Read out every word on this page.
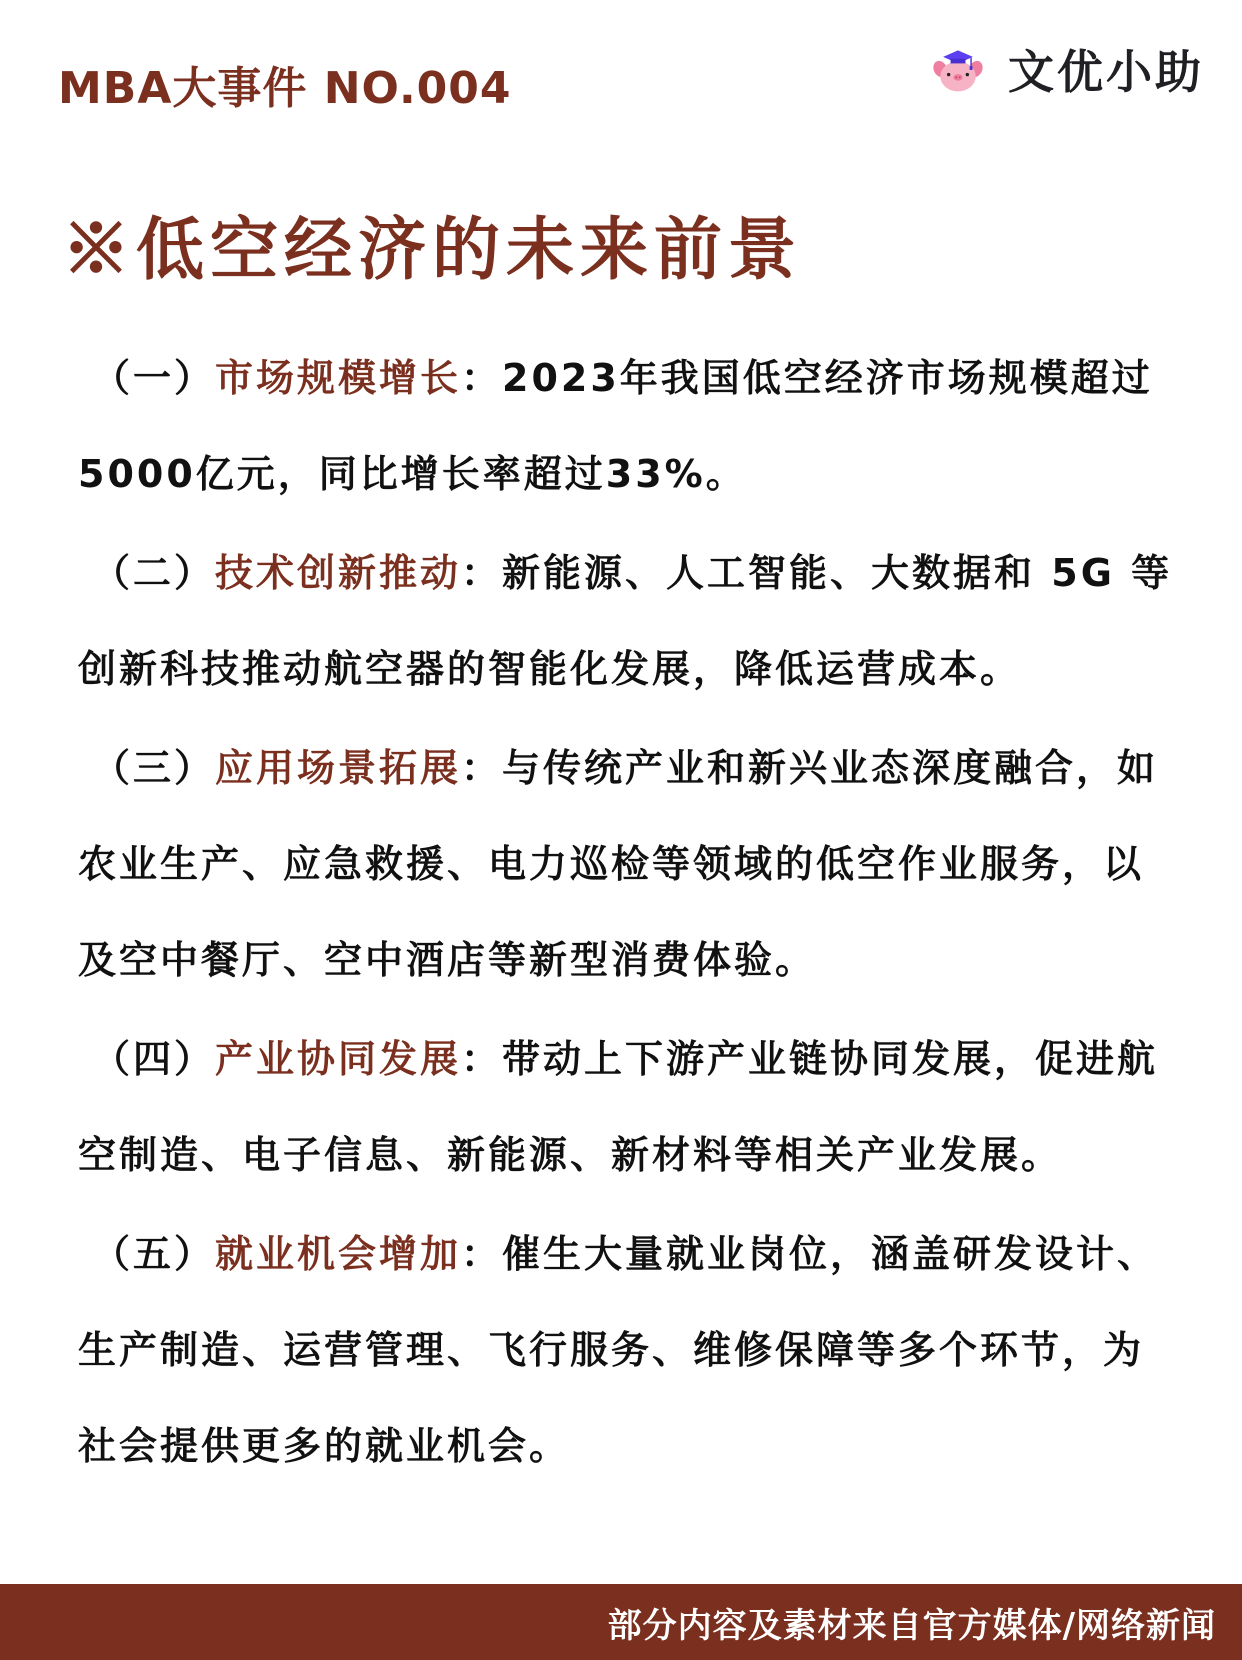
MBA大事件 NO.004	文优小助
※低空经济的未来前景

（一）市场规模增长：2023年我国低空经济市场规模超过5000亿元，同比增长率超过33%。

（二）技术创新推动：新能源、人工智能、大数据和 5G 等创新科技推动航空器的智能化发展，降低运营成本。

（三）应用场景拓展：与传统产业和新兴业态深度融合，如农业生产、应急救援、电力巡检等领域的低空作业服务，以及空中餐厅、空中酒店等新型消费体验。

（四）产业协同发展：带动上下游产业链协同发展，促进航空制造、电子信息、新能源、新材料等相关产业发展。

（五）就业机会增加：催生大量就业岗位，涵盖研发设计、生产制造、运营管理、飞行服务、维修保障等多个环节，为社会提供更多的就业机会。

部分内容及素材来自官方媒体/网络新闻
